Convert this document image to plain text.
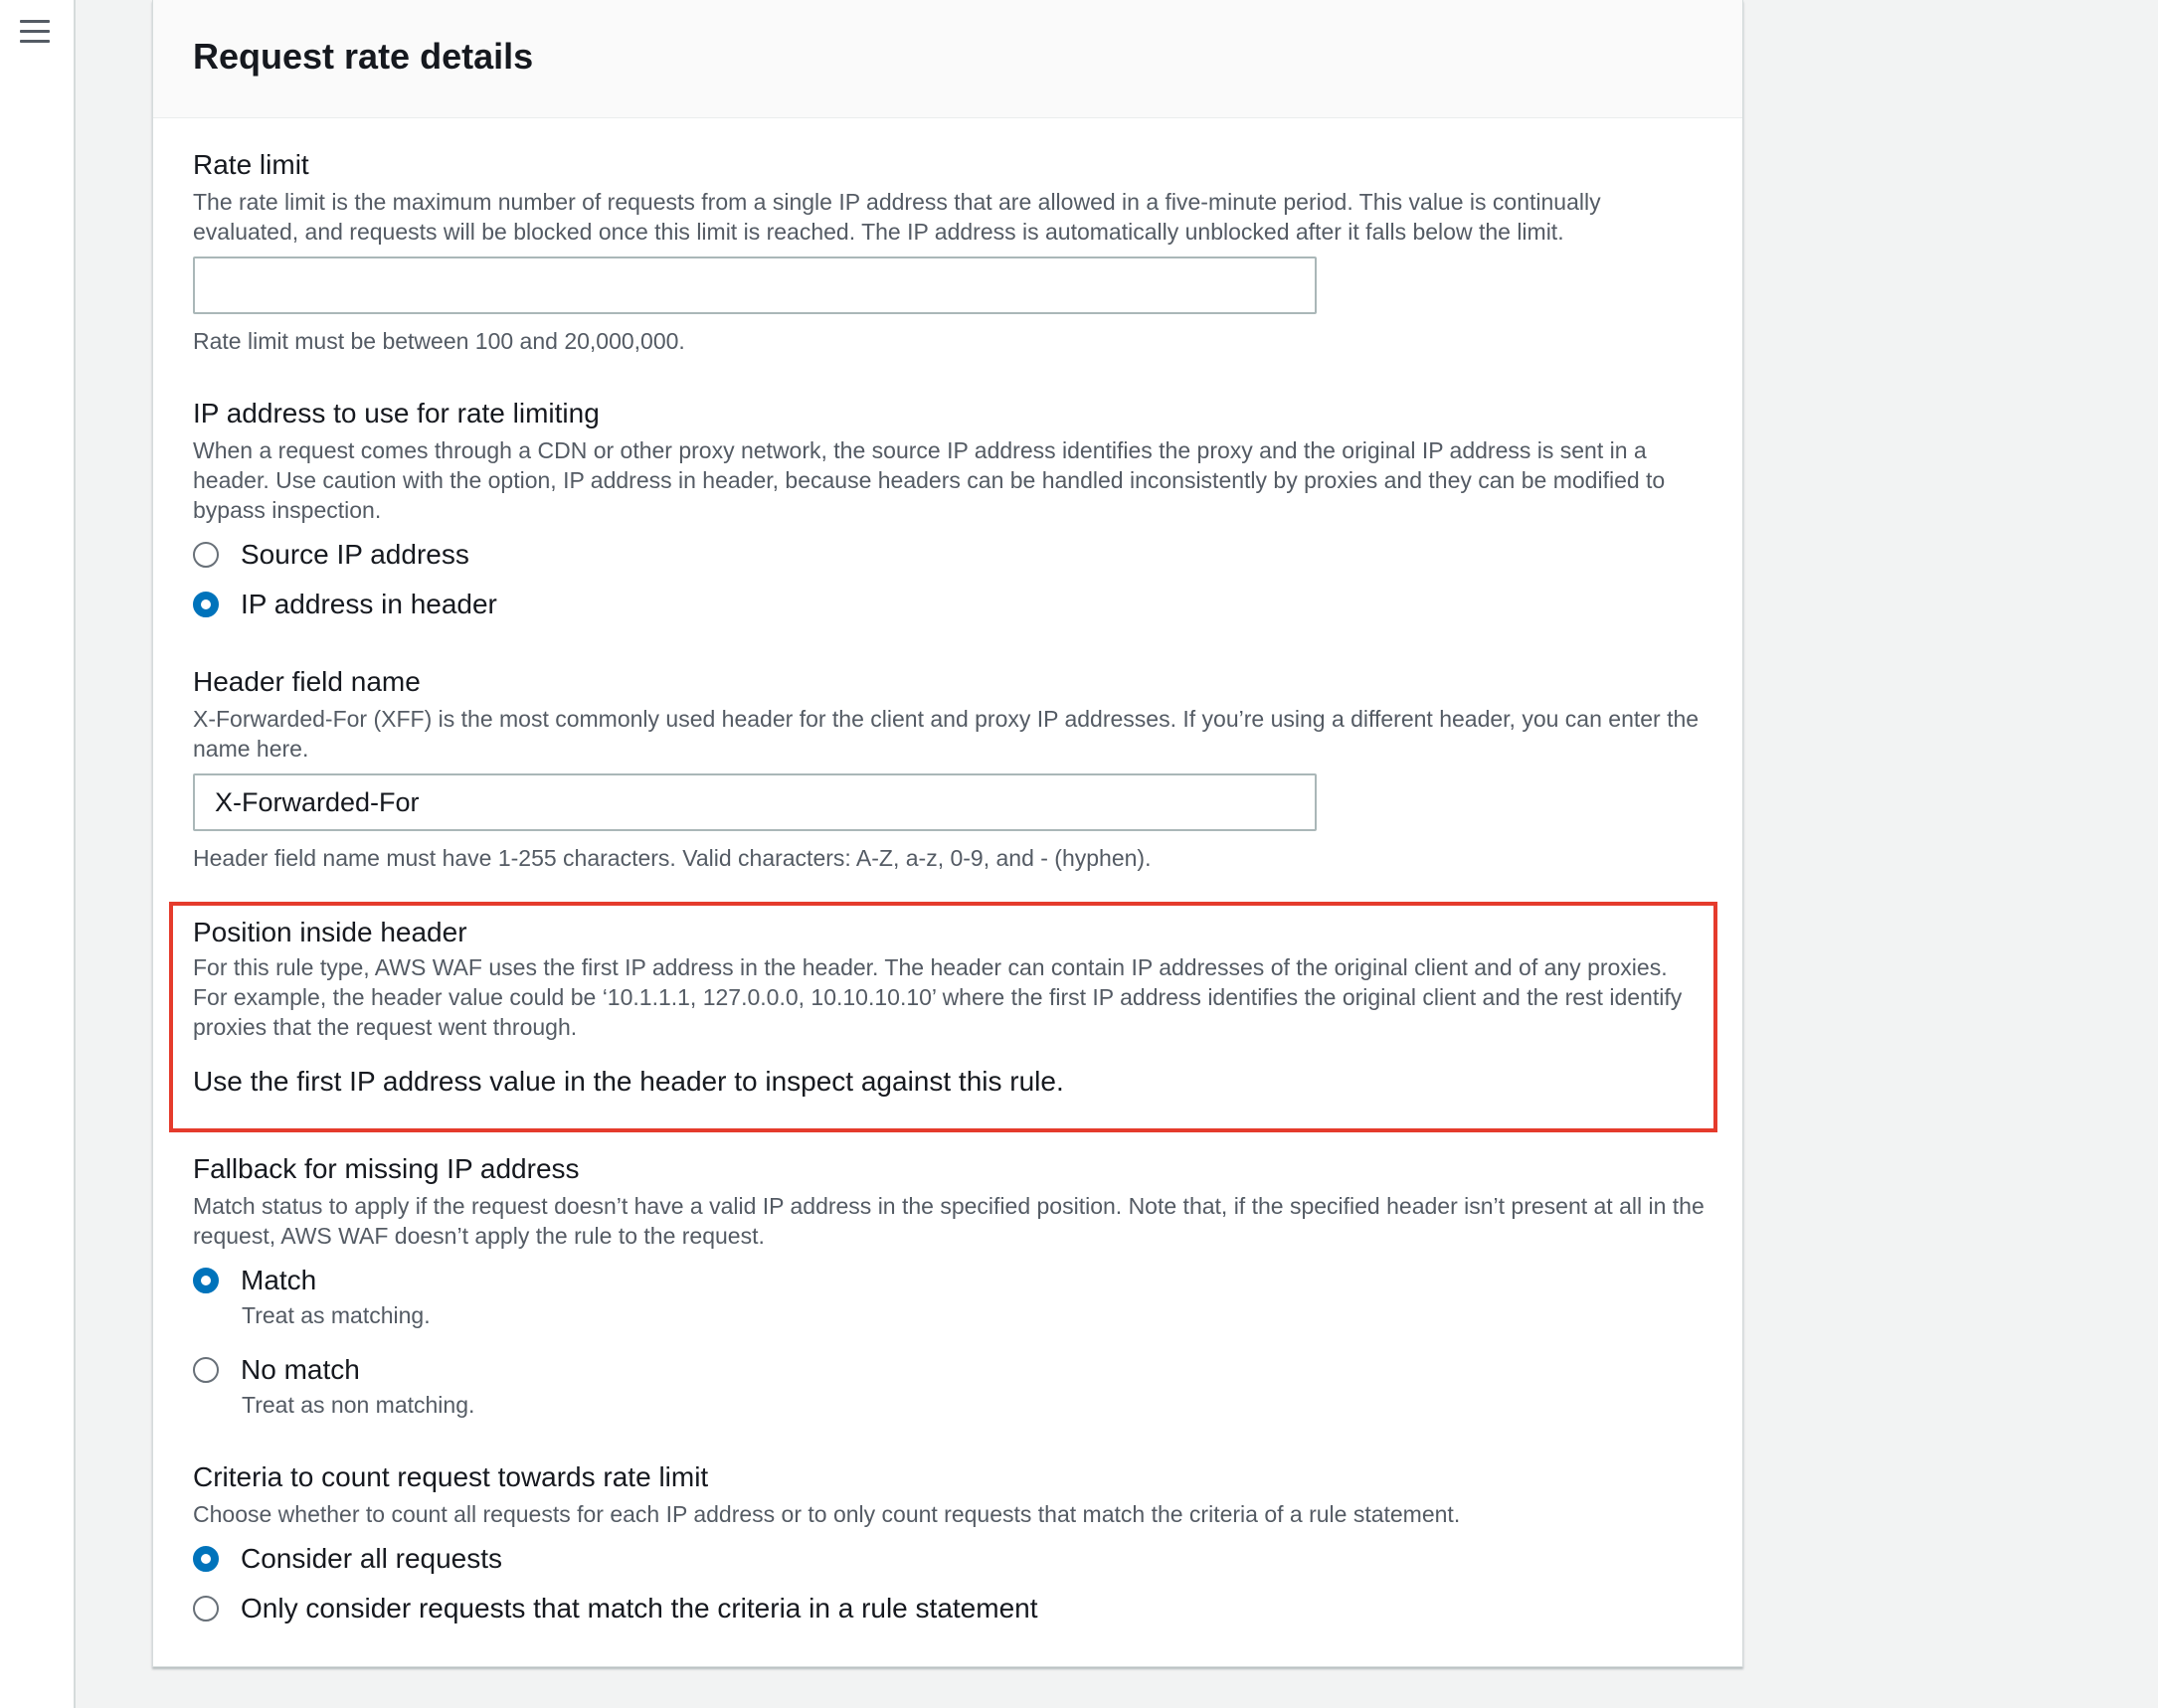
Request rate details
Rate limit
The rate limit is the maximum number of requests from a single IP address that are allowed in a five-minute period. This value is continually evaluated, and requests will be blocked once this limit is reached. The IP address is automatically unblocked after it falls below the limit.
Rate limit must be between 100 and 20,000,000.
IP address to use for rate limiting
When a request comes through a CDN or other proxy network, the source IP address identifies the proxy and the original IP address is sent in a header. Use caution with the option, IP address in header, because headers can be handled inconsistently by proxies and they can be modified to bypass inspection.
Source IP address
IP address in header
Header field name
X-Forwarded-For (XFF) is the most commonly used header for the client and proxy IP addresses. If you’re using a different header, you can enter the name here.
X-Forwarded-For
Header field name must have 1-255 characters. Valid characters: A-Z, a-z, 0-9, and - (hyphen).
Position inside header
For this rule type, AWS WAF uses the first IP address in the header. The header can contain IP addresses of the original client and of any proxies. For example, the header value could be ‘10.1.1.1, 127.0.0.0, 10.10.10.10’ where the first IP address identifies the original client and the rest identify proxies that the request went through.
Use the first IP address value in the header to inspect against this rule.
Fallback for missing IP address
Match status to apply if the request doesn’t have a valid IP address in the specified position. Note that, if the specified header isn’t present at all in the request, AWS WAF doesn’t apply the rule to the request.
Match
Treat as matching.
No match
Treat as non matching.
Criteria to count request towards rate limit
Choose whether to count all requests for each IP address or to only count requests that match the criteria of a rule statement.
Consider all requests
Only consider requests that match the criteria in a rule statement
